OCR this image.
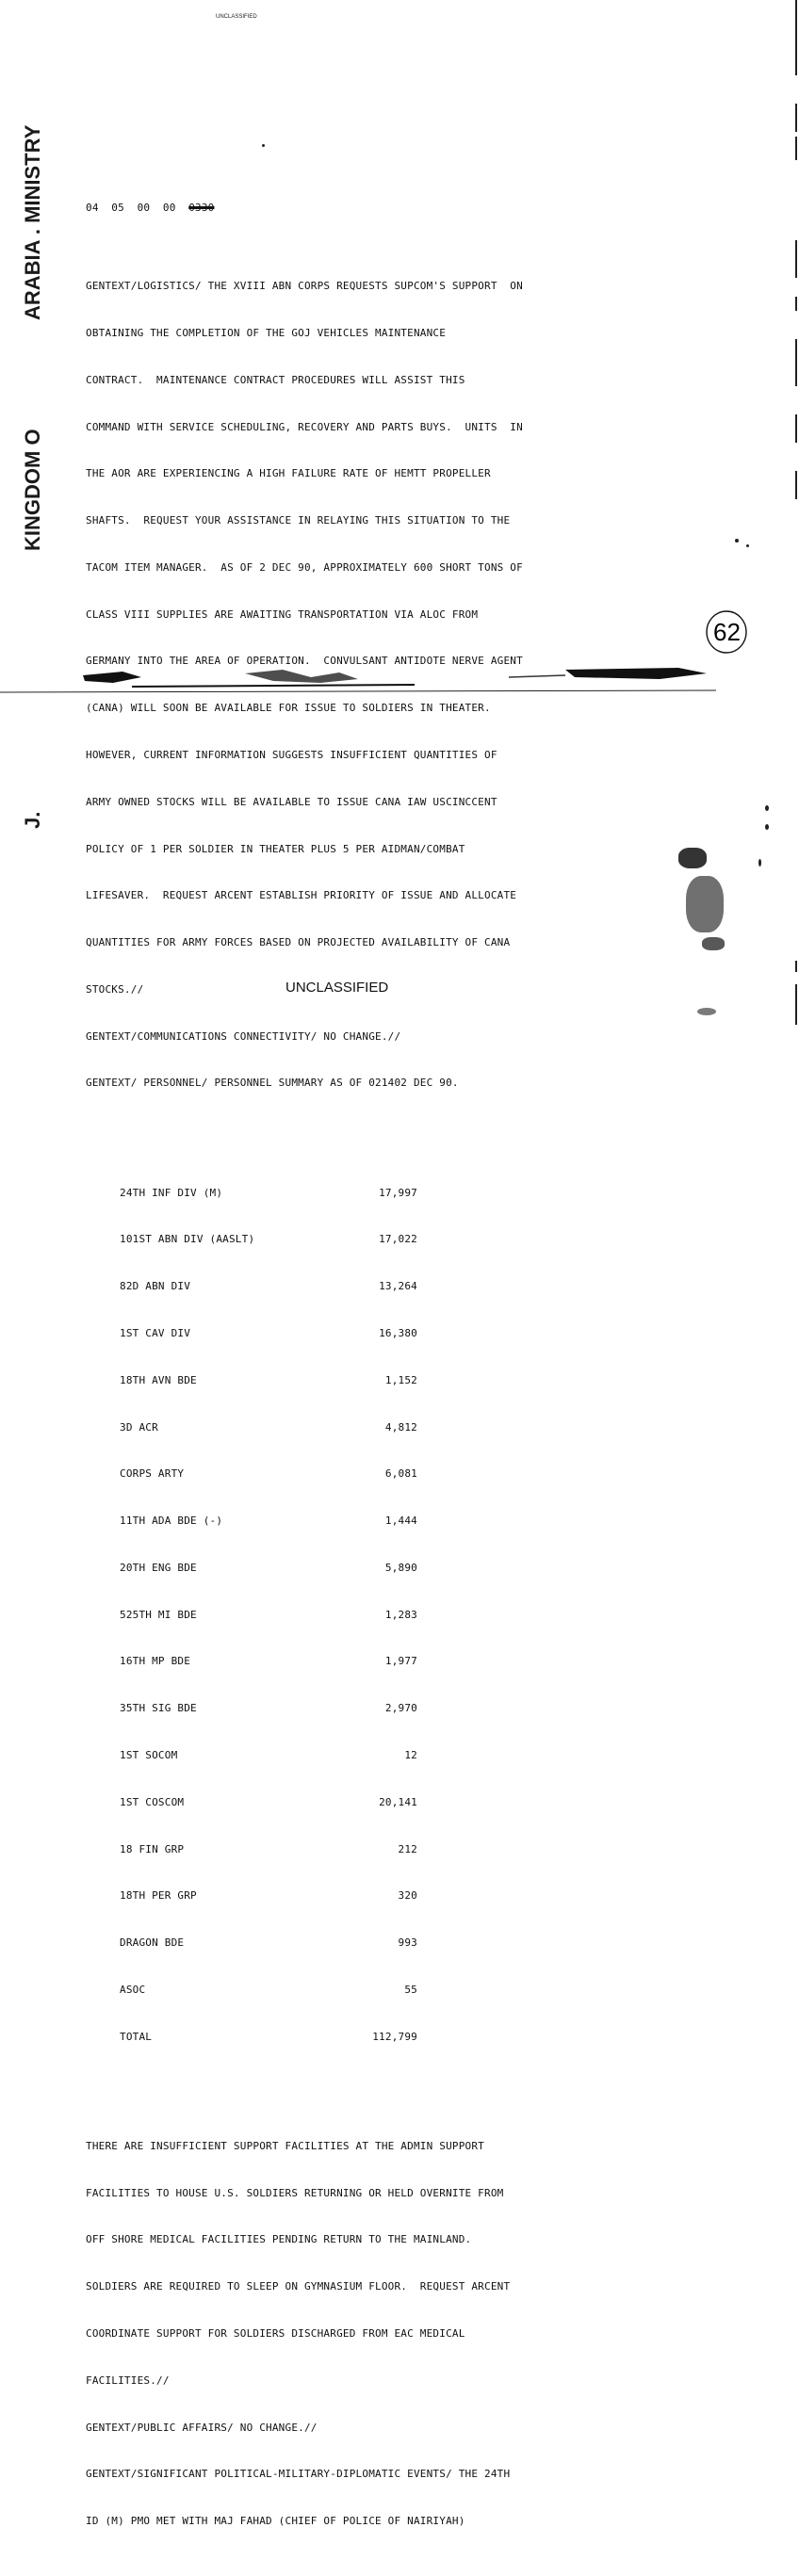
UNCLASSIFIED
ARABIA . MINISTRY
KINGDOM O
J.

04  05  00  00 0330

GENTEXT/LOGISTICS/ THE XVIII ABN CORPS REQUESTS SUPCOM'S SUPPORT  ON

OBTAINING THE COMPLETION OF THE GOJ VEHICLES MAINTENANCE

CONTRACT.  MAINTENANCE CONTRACT PROCEDURES WILL ASSIST THIS

COMMAND WITH SERVICE SCHEDULING, RECOVERY AND PARTS BUYS.  UNITS  IN

THE AOR ARE EXPERIENCING A HIGH FAILURE RATE OF HEMTT PROPELLER

SHAFTS.  REQUEST YOUR ASSISTANCE IN RELAYING THIS SITUATION TO THE

TACOM ITEM MANAGER.  AS OF 2 DEC 90, APPROXIMATELY 600 SHORT TONS OF

CLASS VIII SUPPLIES ARE AWAITING TRANSPORTATION VIA ALOC FROM

GERMANY INTO THE AREA OF OPERATION.  CONVULSANT ANTIDOTE NERVE AGENT

(CANA) WILL SOON BE AVAILABLE FOR ISSUE TO SOLDIERS IN THEATER.

HOWEVER, CURRENT INFORMATION SUGGESTS INSUFFICIENT QUANTITIES OF

ARMY OWNED STOCKS WILL BE AVAILABLE TO ISSUE CANA IAW USCINCCENT

POLICY OF 1 PER SOLDIER IN THEATER PLUS 5 PER AIDMAN/COMBAT

LIFESAVER.  REQUEST ARCENT ESTABLISH PRIORITY OF ISSUE AND ALLOCATE

QUANTITIES FOR ARMY FORCES BASED ON PROJECTED AVAILABILITY OF CANA

STOCKS.//

GENTEXT/COMMUNICATIONS CONNECTIVITY/ NO CHANGE.//

GENTEXT/ PERSONNEL/ PERSONNEL SUMMARY AS OF 021402 DEC 90.

24TH INF DIV (M)	17,997

101ST ABN DIV (AASLT)	17,022

82D ABN DIV	13,264

1ST CAV DIV	16,380

18TH AVN BDE	1,152

3D ACR	4,812

CORPS ARTY	6,081

11TH ADA BDE (-)	1,444

20TH ENG BDE	5,890

525TH MI BDE	1,283

16TH MP BDE	1,977

35TH SIG BDE	2,970

1ST SOCOM	12

1ST COSCOM	20,141

18 FIN GRP	212

18TH PER GRP	320

DRAGON BDE	993

ASOC	55

TOTAL	112,799

THERE ARE INSUFFICIENT SUPPORT FACILITIES AT THE ADMIN SUPPORT

FACILITIES TO HOUSE U.S. SOLDIERS RETURNING OR HELD OVERNITE FROM

OFF SHORE MEDICAL FACILITIES PENDING RETURN TO THE MAINLAND.

SOLDIERS ARE REQUIRED TO SLEEP ON GYMNASIUM FLOOR.  REQUEST ARCENT

COORDINATE SUPPORT FOR SOLDIERS DISCHARGED FROM EAC MEDICAL

FACILITIES.//

GENTEXT/PUBLIC AFFAIRS/ NO CHANGE.//

GENTEXT/SIGNIFICANT POLITICAL-MILITARY-DIPLOMATIC EVENTS/ THE 24TH

ID (M) PMO MET WITH MAJ FAHAD (CHIEF OF POLICE OF NAIRIYAH)

62
UNCLASSIFIED
